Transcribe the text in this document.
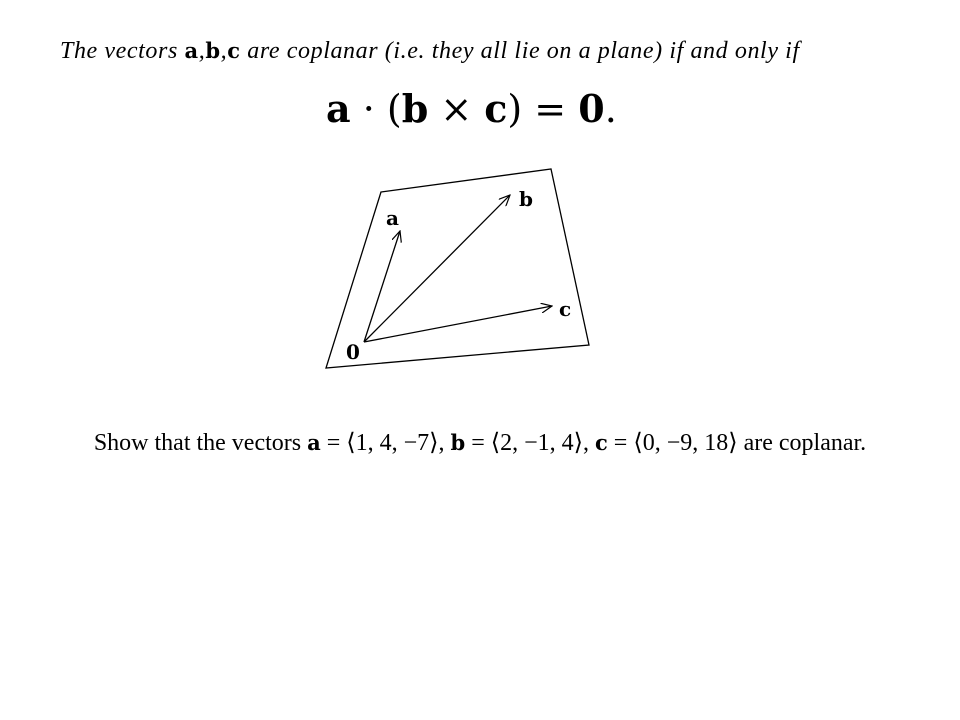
The vectors a,b,c are coplanar (i.e. they all lie on a plane) if and only if
a · (b × c) = 0.
a
b
c
0
Show that the vectors a = ⟨1, 4, −7⟩, b = ⟨2, −1, 4⟩, c = ⟨0, −9, 18⟩ are coplanar.
